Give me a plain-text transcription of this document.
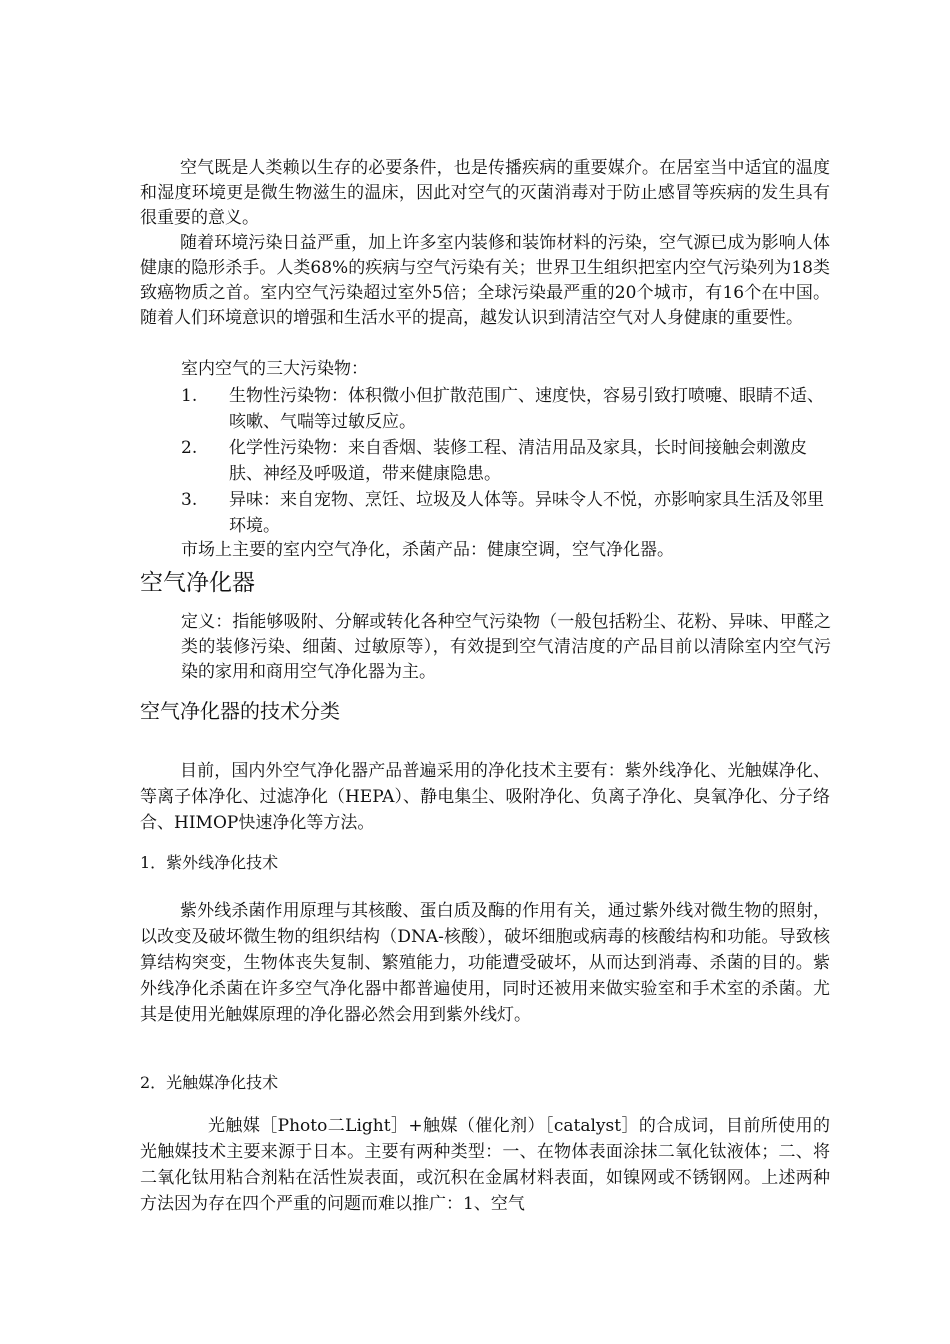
空气既是人类赖以生存的必要条件，也是传播疾病的重要媒介。在居室当中适宜的温度和湿度环境更是微生物滋生的温床，因此对空气的灭菌消毒对于防止感冒等疾病的发生具有很重要的意义。

随着环境污染日益严重，加上许多室内装修和装饰材料的污染，空气源已成为影响人体健康的隐形杀手。人类68%的疾病与空气污染有关；世界卫生组织把室内空气污染列为18类致癌物质之首。室内空气污染超过室外5倍；全球污染最严重的20个城市，有16个在中国。随着人们环境意识的增强和生活水平的提高，越发认识到清洁空气对人身健康的重要性。

室内空气的三大污染物：

1.	生物性污染物：体积微小但扩散范围广、速度快，容易引致打喷嚏、眼睛不适、咳嗽、气喘等过敏反应。
2.	化学性污染物：来自香烟、装修工程、清洁用品及家具，长时间接触会刺激皮肤、神经及呼吸道，带来健康隐患。
3.	异味：来自宠物、烹饪、垃圾及人体等。异味令人不悦，亦影响家具生活及邻里环境。

市场上主要的室内空气净化，杀菌产品：健康空调，空气净化器。

空气净化器

定义：指能够吸附、分解或转化各种空气污染物（一般包括粉尘、花粉、异味、甲醛之类的装修污染、细菌、过敏原等），有效提到空气清洁度的产品目前以清除室内空气污染的家用和商用空气净化器为主。

空气净化器的技术分类

目前，国内外空气净化器产品普遍采用的净化技术主要有：紫外线净化、光触媒净化、等离子体净化、过滤净化（HEPA）、静电集尘、吸附净化、负离子净化、臭氧净化、分子络合、HIMOP快速净化等方法。

1．紫外线净化技术

紫外线杀菌作用原理与其核酸、蛋白质及酶的作用有关，通过紫外线对微生物的照射，以改变及破坏微生物的组织结构（DNA-核酸），破坏细胞或病毒的核酸结构和功能。导致核算结构突变，生物体丧失复制、繁殖能力，功能遭受破坏，从而达到消毒、杀菌的目的。紫外线净化杀菌在许多空气净化器中都普遍使用，同时还被用来做实验室和手术室的杀菌。尤其是使用光触媒原理的净化器必然会用到紫外线灯。

2．光触媒净化技术

光触媒［Photo二Light］+触媒（催化剂）［catalyst］的合成词，目前所使用的光触媒技术主要来源于日本。主要有两种类型：一、在物体表面涂抹二氧化钛液体；二、将二氧化钛用粘合剂粘在活性炭表面，或沉积在金属材料表面，如镍网或不锈钢网。上述两种方法因为存在四个严重的问题而难以推广：1、空气
